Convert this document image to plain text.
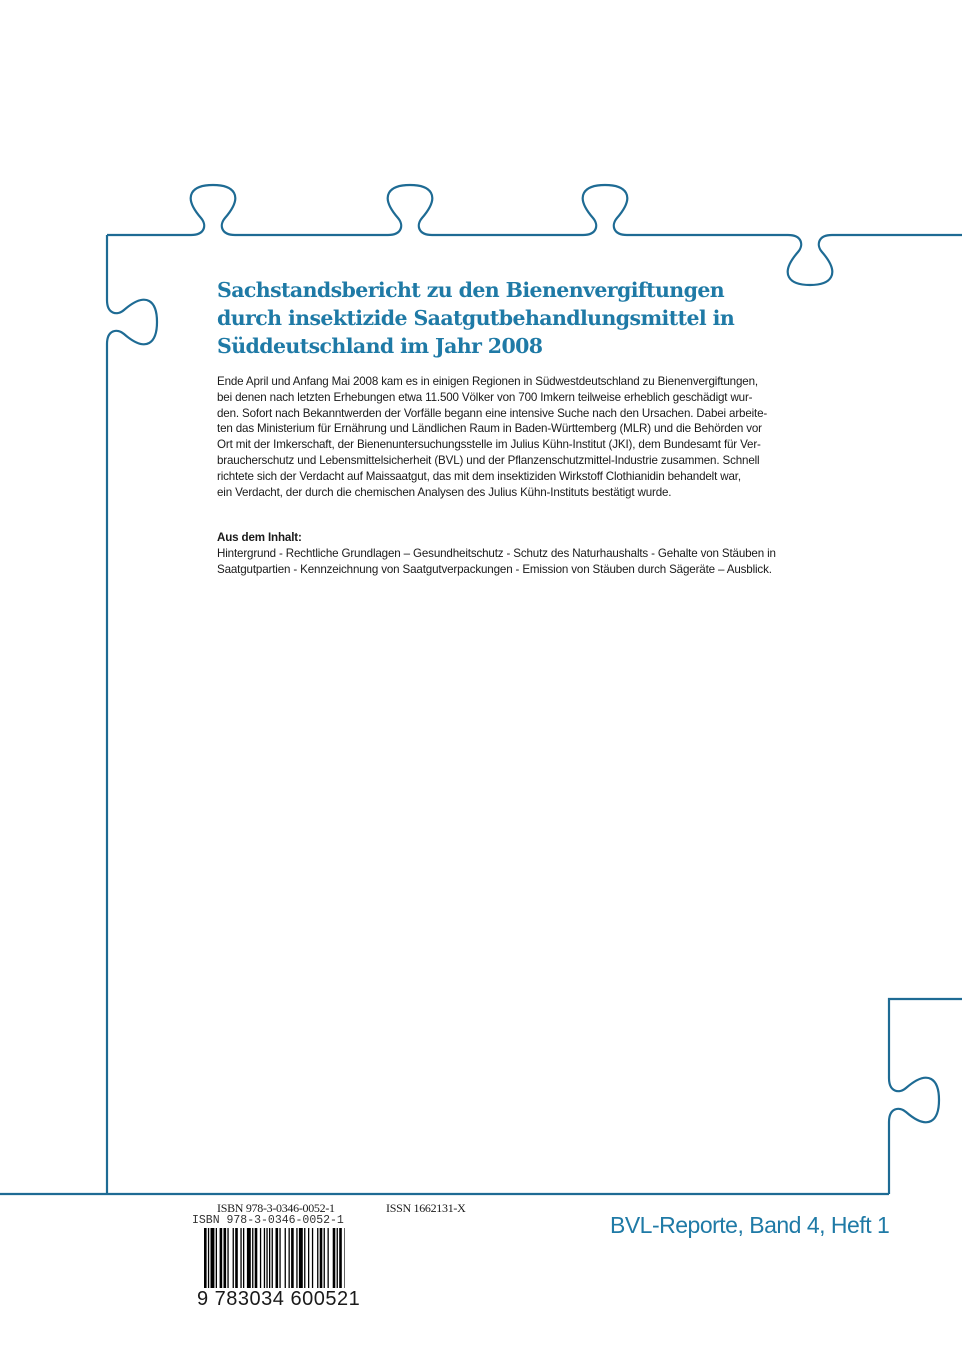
Sachstandsbericht zu den Bienenvergiftungen
durch insektizide Saatgutbehandlungsmittel in
Süddeutschland im Jahr 2008
Ende April und Anfang Mai 2008 kam es in einigen Regionen in Südwestdeutschland zu Bienenvergiftungen,
bei denen nach letzten Erhebungen etwa 11.500 Völker von 700 Imkern teilweise erheblich geschädigt wur-
den. Sofort nach Bekanntwerden der Vorfälle begann eine intensive Suche nach den Ursachen. Dabei arbeite-
ten das Ministerium für Ernährung und Ländlichen Raum in Baden-Württemberg (MLR) und die Behörden vor
Ort mit der Imkerschaft, der Bienenuntersuchungsstelle im Julius Kühn-Institut (JKI), dem Bundesamt für Ver-
braucherschutz und Lebensmittelsicherheit (BVL) und der Pflanzenschutzmittel-Industrie zusammen. Schnell
richtete sich der Verdacht auf Maissaatgut, das mit dem insektiziden Wirkstoff Clothianidin behandelt war,
ein Verdacht, der durch die chemischen Analysen des Julius Kühn-Instituts bestätigt wurde.
Aus dem Inhalt:
Hintergrund - Rechtliche Grundlagen – Gesundheitschutz - Schutz des Naturhaushalts - Gehalte von Stäuben in
Saatgutpartien - Kennzeichnung von Saatgutverpackungen - Emission von Stäuben durch Sägeräte – Ausblick.
ISBN 978-3-0346-0052-1	ISSN 1662131-X
ISBN 978-3-0346-0052-1
9 783034 600521
BVL-Reporte, Band 4, Heft 1
